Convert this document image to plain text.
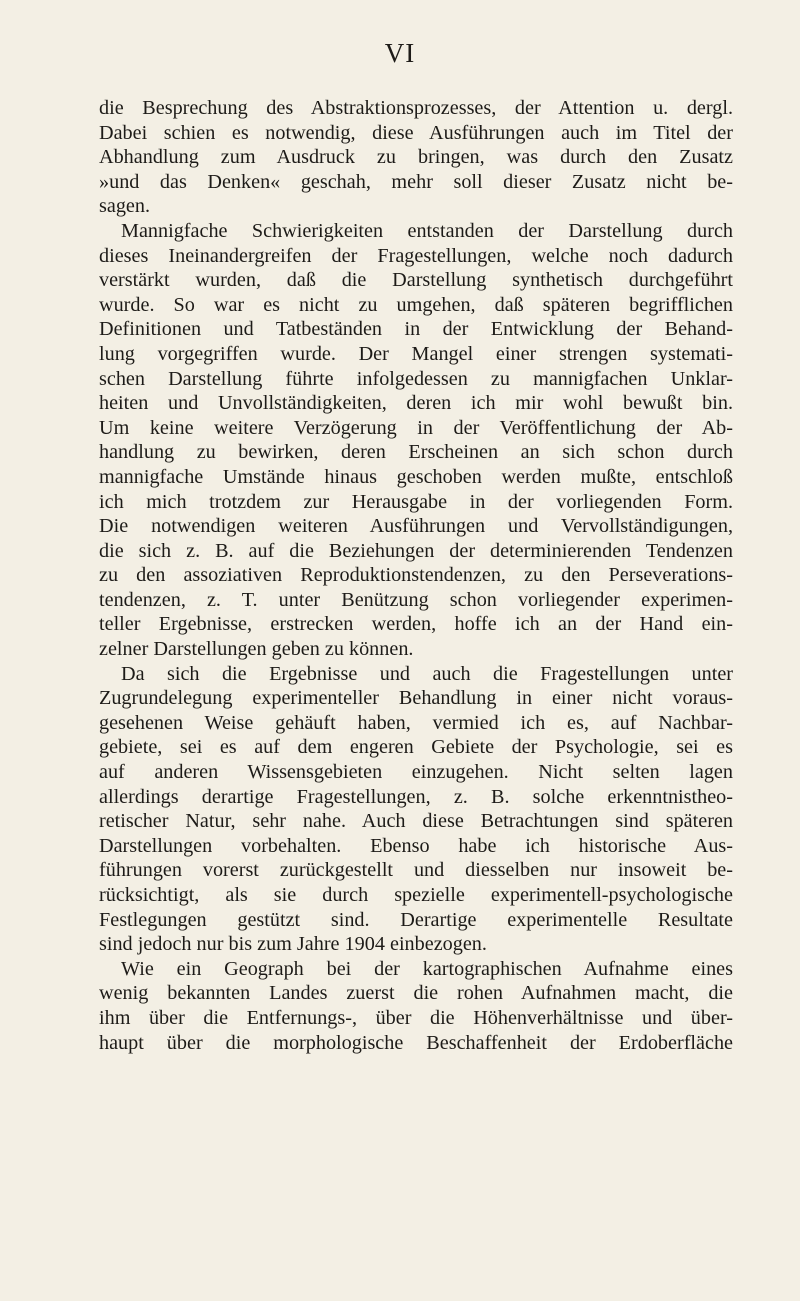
VI
die Besprechung des Abstraktionsprozesses, der Attention u. dergl.
Dabei schien es notwendig, diese Ausführungen auch im Titel der
Abhandlung zum Ausdruck zu bringen, was durch den Zusatz
»und das Denken« geschah, mehr soll dieser Zusatz nicht be-
sagen.
Mannigfache Schwierigkeiten entstanden der Darstellung durch
dieses Ineinandergreifen der Fragestellungen, welche noch dadurch
verstärkt wurden, daß die Darstellung synthetisch durchgeführt
wurde. So war es nicht zu umgehen, daß späteren begrifflichen
Definitionen und Tatbeständen in der Entwicklung der Behand-
lung vorgegriffen wurde. Der Mangel einer strengen systemati-
schen Darstellung führte infolgedessen zu mannigfachen Unklar-
heiten und Unvollständigkeiten, deren ich mir wohl bewußt bin.
Um keine weitere Verzögerung in der Veröffentlichung der Ab-
handlung zu bewirken, deren Erscheinen an sich schon durch
mannigfache Umstände hinaus geschoben werden mußte, entschloß
ich mich trotzdem zur Herausgabe in der vorliegenden Form.
Die notwendigen weiteren Ausführungen und Vervollständigungen,
die sich z. B. auf die Beziehungen der determinierenden Tendenzen
zu den assoziativen Reproduktionstendenzen, zu den Perseverations-
tendenzen, z. T. unter Benützung schon vorliegender experimen-
teller Ergebnisse, erstrecken werden, hoffe ich an der Hand ein-
zelner Darstellungen geben zu können.
Da sich die Ergebnisse und auch die Fragestellungen unter
Zugrundelegung experimenteller Behandlung in einer nicht voraus-
gesehenen Weise gehäuft haben, vermied ich es, auf Nachbar-
gebiete, sei es auf dem engeren Gebiete der Psychologie, sei es
auf anderen Wissensgebieten einzugehen. Nicht selten lagen
allerdings derartige Fragestellungen, z. B. solche erkenntnistheo-
retischer Natur, sehr nahe. Auch diese Betrachtungen sind späteren
Darstellungen vorbehalten. Ebenso habe ich historische Aus-
führungen vorerst zurückgestellt und diesselben nur insoweit be-
rücksichtigt, als sie durch spezielle experimentell-psychologische
Festlegungen gestützt sind. Derartige experimentelle Resultate
sind jedoch nur bis zum Jahre 1904 einbezogen.
Wie ein Geograph bei der kartographischen Aufnahme eines
wenig bekannten Landes zuerst die rohen Aufnahmen macht, die
ihm über die Entfernungs-, über die Höhenverhältnisse und über-
haupt über die morphologische Beschaffenheit der Erdoberfläche
